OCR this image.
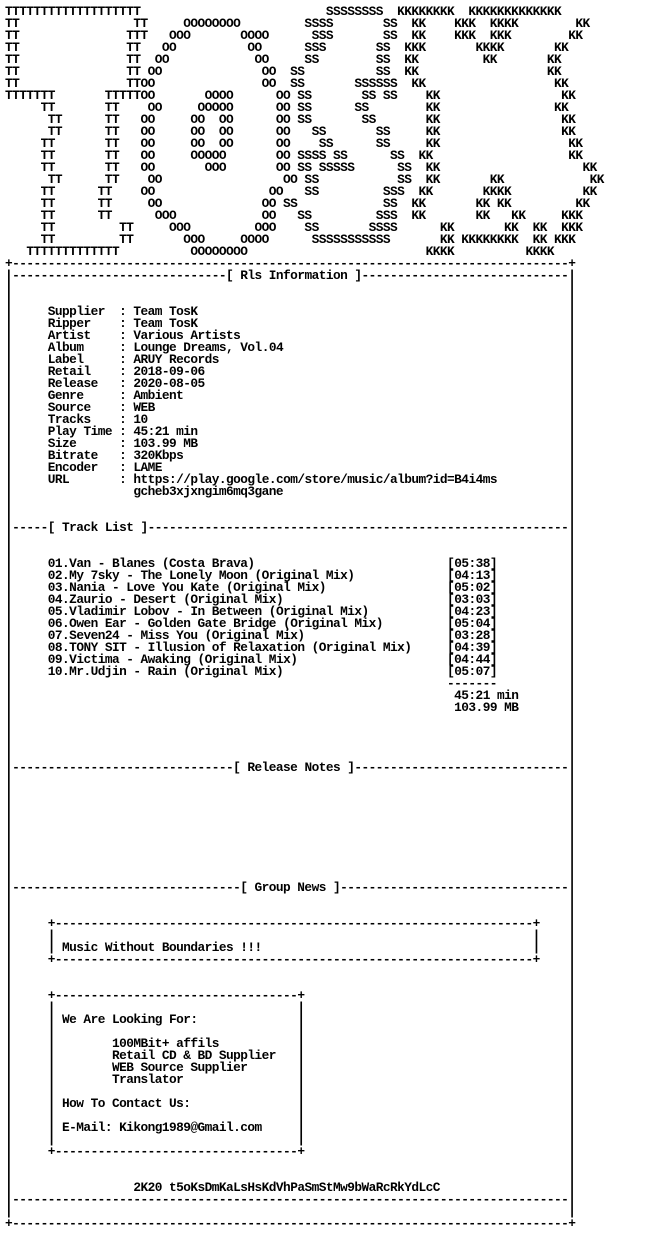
TTTTTTTTTTTTTTTTTTT                          SSSSSSSS  KKKKKKKK  KKKKKKKKKKKKK
TT                TT     OOOOOOOO         SSSS       SS  KK    KKK  KKKK        KK
TT               TTT   OOO       OOOO      SSS       SS  KK    KKK  KKK        KK
TT               TT   OO          OO      SSS       SS  KKK       KKKK       KK
TT               TT  OO            OO     SS        SS  KK         KK       KK
TT               TT OO              OO  SS          SS  KK                  KK
TT               TTOO               OO  SS       SSSSSS  KK                  KK
TTTTTTT       TTTTTOO       OOOO      OO SS       SS SS    KK                 KK
TT       TT    OO     OOOOO      OO SS      SS        KK                KK
TT      TT   OO     OO  OO      OO SS       SS       KK                 KK
TT      TT   OO     OO  OO      OO   SS       SS     KK                 KK
TT       TT   OO     OO  OO      OO    SS      SS     KK                  KK
TT       TT   OO     OOOOO       OO SSSS SS      SS  KK                   KK
TT       TT   OO       OOO       OO SS SSSSS      SS  KK                    KK
TT      TT    OO                 OO SS           SS  KK       KK            KK
TT      TT    OO                OO   SS         SSS  KK       KKKK          KK
TT      TT     OO              OO SS            SS  KK       KK KK         KK
TT      TT      OOO            OO   SS         SSS  KK       KK   KK     KKK
TT         TT     OOO         OOO    SS       SSSS      KK       KK  KK  KKK
TT         TT       OOO     OOOO      SSSSSSSSSSS       KK KKKKKKKK  KK KKK
TTTTTTTTTTTTT          OOOOOOOO                         KKKK          KKKK
+------------------------------------------------------------------------------+
|------------------------------[ Rls Information ]-----------------------------|
|                                                                              |
|                                                                              |
|	Supplier  : Team TosK	|
|	Ripper    : Team TosK	|
|	Artist    : Various Artists	|
|	Album     : Lounge Dreams, Vol.04	|
|	Label     : ARUY Records	|
|	Retail    : 2018-09-06	|
|	Release   : 2020-08-05	|
|	Genre     : Ambient	|
|	Source    : WEB	|
|	Tracks    : 10	|
|	Play Time : 45:21 min	|
|	Size      : 103.99 MB	|
|	Bitrate   : 320Kbps	|
|	Encoder   : LAME	|
|	URL       : https://play.google.com/store/music/album?id=B4i4ms	|
|	gcheb3xjxngim6mq3gane	|
|                                                                              |
|                                                                              |
|-----[ Track List ]-----------------------------------------------------------|
|                                                                              |
|                                                                              |
|	01.Van - Blanes (Costa Brava)	[05:38]	|
|	02.My 7sky - The Lonely Moon (Original Mix)	[04:13]	|
|	03.Nania - Love You Kate (Original Mix)	[05:02]	|
|	04.Zaurio - Desert (Original Mix)	[03:03]	|
|	05.Vladimir Lobov - In Between (Original Mix)	[04:23]	|
|	06.Owen Ear - Golden Gate Bridge (Original Mix)	[05:04]	|
|	07.Seven24 - Miss You (Original Mix)	[03:28]	|
|	08.TONY SIT - Illusion of Relaxation (Original Mix)	[04:39]	|
|	09.Victima - Awaking (Original Mix)	[04:44]	|
|	10.Mr.Udjin - Rain (Original Mix)	[05:07]	|
|                                                             -------	|
|	45:21 min	|
|	103.99 MB	|
|                                                                              |
|                                                                              |
|                                                                              |
|                                                                              |
|-------------------------------[ Release Notes ]------------------------------|
|                                                                              |
|                                                                              |
|                                                                              |
|                                                                              |
|                                                                              |
|                                                                              |
|                                                                              |
|                                                                              |
|                                                                              |
|--------------------------------[ Group News ]--------------------------------|
|                                                                              |
|                                                                              |
|     +-------------------------------------------------------------------+    |
|     |                                                                   |    |
|     | Music Without Boundaries !!!                                      |    |
|     +-------------------------------------------------------------------+    |
|                                                                              |
|                                                                              |
|     +----------------------------------+	|
|     |                                  |	|
|     | We Are Looking For:              |	|
|     |                                  |	|
|     |	100MBit+ affils           |	|
|     |	Retail CD & BD Supplier   |	|
|     |	WEB Source Supplier       |	|
|     |	Translator                |	|
|     |                                  |	|
|     | How To Contact Us:               |	|
|     |                                  |	|
|     | E-Mail: Kikong1989@Gmail.com     |	|
|     |                                  |	|
|     +----------------------------------+	|
|                                                                              |
|                                                                              |
|	2K20 t5oKsDmKaLsHsKdVhPaSmStMw9bWaRcRkYdLcC	|
|------------------------------------------------------------------------------|
|                                                                              |
+------------------------------------------------------------------------------+
